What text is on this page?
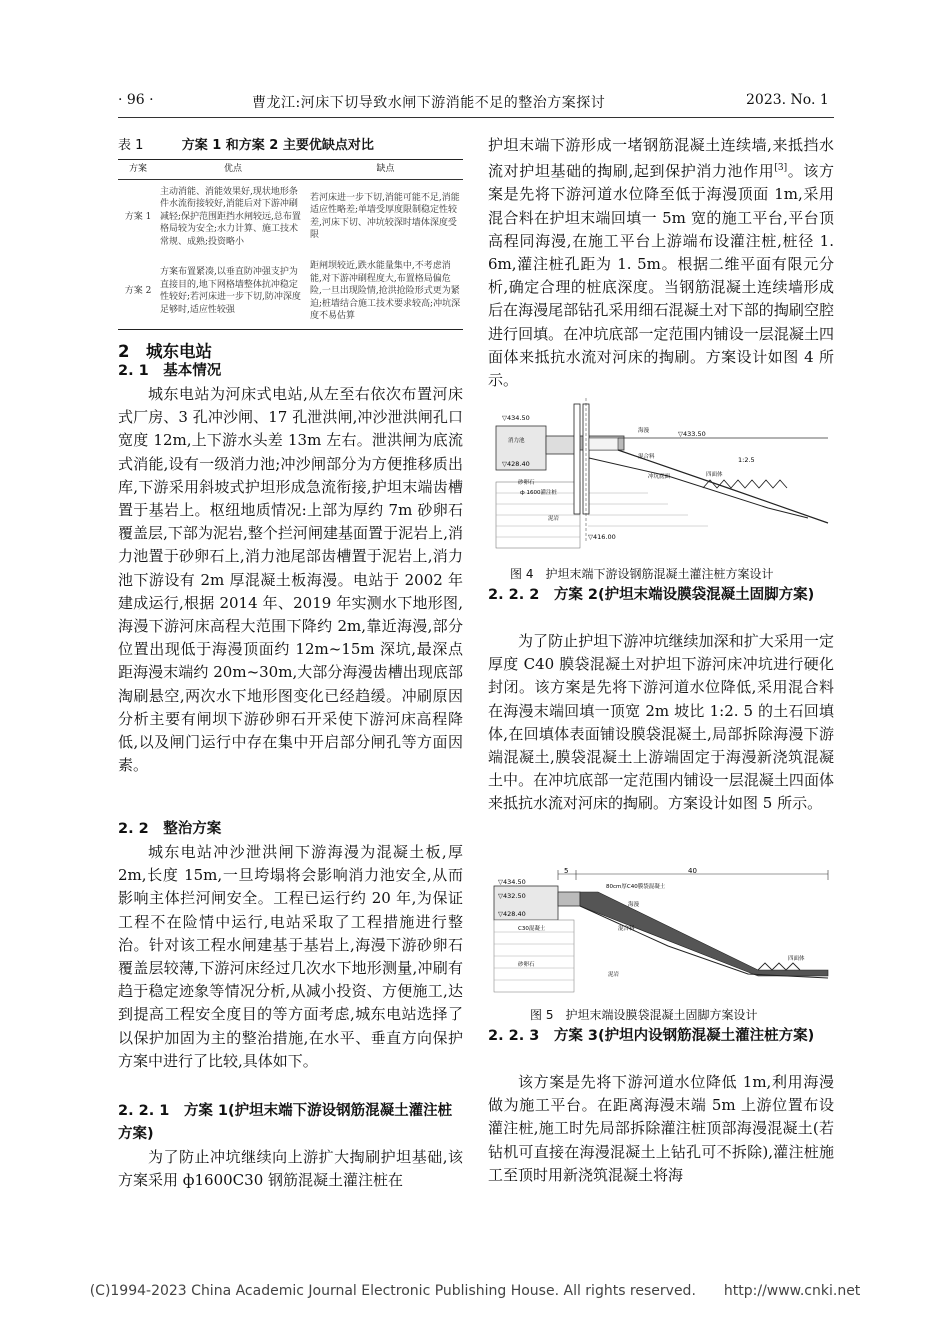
· 96 ·	曹龙江:河床下切导致水闸下游消能不足的整治方案探讨	2023. No. 1
表 1	方案 1 和方案 2 主要优缺点对比
方案	优点	缺点
方案 1	主动消能、消能效果好,现状地形条件水流衔接较好,消能后对下游冲刷减轻;保护范围距挡水闸较远,总布置格局较为安全;水力计算、施工技术常规、成熟;投资略小	若河床进一步下切,消能可能不足,消能适应性略差;单墙受厚度限制稳定性较差,河床下切、冲坑较深时墙体深度受限
方案 2	方案布置紧凑,以垂直防冲强支护为直接目的,地下网格墙整体抗冲稳定性较好;若河床进一步下切,防冲深度足够时,适应性较强	距闸坝较近,跌水能量集中,不考虑消能,对下游冲刷程度大,布置格局偏危险,一旦出现险情,抢洪抢险形式更为紧迫;桩墙结合施工技术要求较高;冲坑深度不易估算
2　城东电站
2. 1　基本情况

城东电站为河床式电站,从左至右依次布置河床式厂房、3 孔冲沙闸、17 孔泄洪闸,冲沙泄洪闸孔口宽度 12m,上下游水头差 13m 左右。泄洪闸为底流式消能,设有一级消力池;冲沙闸部分为方便推移质出库,下游采用斜坡式护坦形成急流衔接,护坦末端齿槽置于基岩上。枢纽地质情况:上部为厚约 7m 砂卵石覆盖层,下部为泥岩,整个拦河闸建基面置于泥岩上,消力池置于砂卵石上,消力池尾部齿槽置于泥岩上,消力池下游设有 2m 厚混凝土板海漫。电站于 2002 年建成运行,根据 2014 年、2019 年实测水下地形图,海漫下游河床高程大范围下降约 2m,靠近海漫,部分位置出现低于海漫顶面约 12m~15m 深坑,最深点距海漫末端约 20m~30m,大部分海漫齿槽出现底部淘刷悬空,两次水下地形图变化已经趋缓。冲刷原因分析主要有闸坝下游砂卵石开采使下游河床高程降低,以及闸门运行中存在集中开启部分闸孔等方面因素。

2. 2　整治方案

城东电站冲沙泄洪闸下游海漫为混凝土板,厚 2m,长度 15m,一旦垮塌将会影响消力池安全,从而影响主体拦河闸安全。工程已运行约 20 年,为保证工程不在险情中运行,电站采取了工程措施进行整治。针对该工程水闸建基于基岩上,海漫下游砂卵石覆盖层较薄,下游河床经过几次水下地形测量,冲刷有趋于稳定迹象等情况分析,从减小投资、方便施工,达到提高工程安全度目的等方面考虑,城东电站选择了以保护加固为主的整治措施,在水平、垂直方向保护方案中进行了比较,具体如下。

2. 2. 1　方案 1(护坦末端下游设钢筋混凝土灌注桩方案)

为了防止冲坑继续向上游扩大掏刷护坦基础,该方案采用 ф1600C30 钢筋混凝土灌注桩在

护坦末端下游形成一堵钢筋混凝土连续墙,来抵挡水流对护坦基础的掏刷,起到保护消力池作用[3]。该方案是先将下游河道水位降至低于海漫顶面 1m,采用混合料在护坦末端回填一 5m 宽的施工平台,平台顶高程同海漫,在施工平台上游端布设灌注桩,桩径 1. 6m,灌注桩孔距为 1. 5m。根据二维平面有限元分析,确定合理的桩底深度。当钢筋混凝土连续墙形成后在海漫尾部钻孔采用细石混凝土对下部的掏刷空腔进行回填。在冲坑底部一定范围内铺设一层混凝土四面体来抵抗水流对河床的掏刷。方案设计如图 4 所示。

▽434.50
▽428.40
▽433.50
▽416.00
1:2.5
ф 1600灌注桩
海漫
混合料
冲坑底面	四面体
泥岩
砂卵石
消力池
图 4　护坦末端下游设钢筋混凝土灌注桩方案设计
2. 2. 2　方案 2(护坦末端设膜袋混凝土固脚方案)

为了防止护坦下游冲坑继续加深和扩大采用一定厚度 C40 膜袋混凝土对护坦下游河床冲坑进行硬化封闭。该方案是先将下游河道水位降低,采用混合料在海漫末端回填一顶宽 2m 坡比 1:2. 5 的土石回填体,在回填体表面铺设膜袋混凝土,局部拆除海漫下游端混凝土,膜袋混凝土上游端固定于海漫新浇筑混凝土中。在冲坑底部一定范围内铺设一层混凝土四面体来抵抗水流对河床的掏刷。方案设计如图 5 所示。

5	40
▽434.50
▽432.50
▽428.40
80cm厚C40膜袋混凝土
C30混凝土
海漫
混合料
四面体
泥岩
砂卵石
图 5　护坦末端设膜袋混凝土固脚方案设计
2. 2. 3　方案 3(护坦内设钢筋混凝土灌注桩方案)

该方案是先将下游河道水位降低 1m,利用海漫做为施工平台。在距离海漫末端 5m 上游位置布设灌注桩,施工时先局部拆除灌注桩顶部海漫混凝土(若钻机可直接在海漫混凝土上钻孔可不拆除),灌注桩施工至顶时用新浇筑混凝土将海

(C)1994-2023 China Academic Journal Electronic Publishing House. All rights reserved.　　http://www.cnki.net
